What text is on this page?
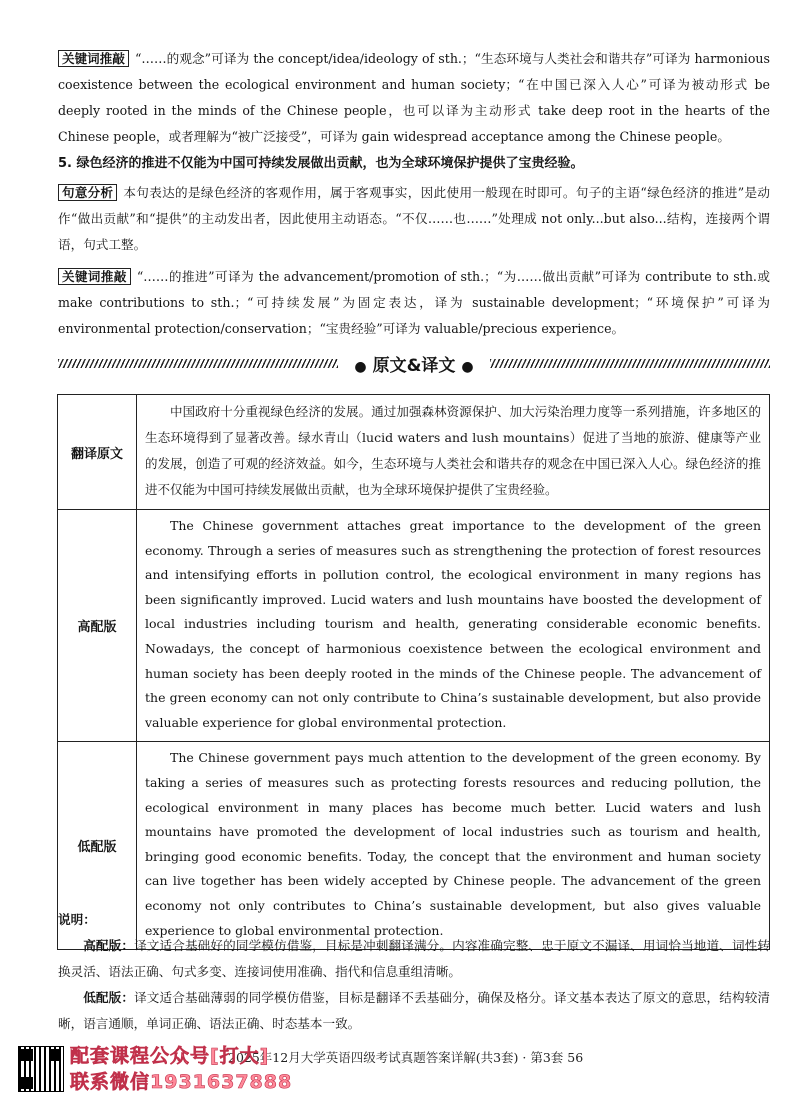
关键词推敲 “……的观念”可译为 the concept/idea/ideology of sth.；“生态环境与人类社会和谐共存”可译为 harmonious coexistence between the ecological environment and human society；“在中国已深入人心”可译为被动形式 be deeply rooted in the minds of the Chinese people，也可以译为主动形式 take deep root in the hearts of the Chinese people，或者理解为“被广泛接受”，可译为 gain widespread acceptance among the Chinese people。

5. 绿色经济的推进不仅能为中国可持续发展做出贡献，也为全球环境保护提供了宝贵经验。

句意分析 本句表达的是绿色经济的客观作用，属于客观事实，因此使用一般现在时即可。句子的主语“绿色经济的推进”是动作“做出贡献”和“提供”的主动发出者，因此使用主动语态。“不仅……也……”处理成 not only...but also...结构，连接两个谓语，句式工整。

关键词推敲 “……的推进”可译为 the advancement/promotion of sth.；“为……做出贡献”可译为 contribute to sth.或 make contributions to sth.；“可持续发展”为固定表达，译为 sustainable development；“环境保护”可译为 environmental protection/conservation；“宝贵经验”可译为 valuable/precious experience。

● 原文&译文 ●
翻译原文	中国政府十分重视绿色经济的发展。通过加强森林资源保护、加大污染治理力度等一系列措施，许多地区的生态环境得到了显著改善。绿水青山（lucid waters and lush mountains）促进了当地的旅游、健康等产业的发展，创造了可观的经济效益。如今，生态环境与人类社会和谐共存的观念在中国已深入人心。绿色经济的推进不仅能为中国可持续发展做出贡献，也为全球环境保护提供了宝贵经验。
高配版	The Chinese government attaches great importance to the development of the green economy. Through a series of measures such as strengthening the protection of forest resources and intensifying efforts in pollution control, the ecological environment in many regions has been significantly improved. Lucid waters and lush mountains have boosted the development of local industries including tourism and health, generating considerable economic benefits. Nowadays, the concept of harmonious coexistence between the ecological environment and human society has been deeply rooted in the minds of the Chinese people. The advancement of the green economy can not only contribute to China’s sustainable development, but also provide valuable experience for global environmental protection.
低配版	The Chinese government pays much attention to the development of the green economy. By taking a series of measures such as protecting forests resources and reducing pollution, the ecological environment in many places has become much better. Lucid waters and lush mountains have promoted the development of local industries such as tourism and health, bringing good economic benefits. Today, the concept that the environment and human society can live together has been widely accepted by Chinese people. The advancement of the green economy not only contributes to China’s sustainable development, but also gives valuable experience to global environmental protection.

说明：

高配版：译文适合基础好的同学模仿借鉴，目标是冲刺翻译满分。内容准确完整、忠于原文不漏译、用词恰当地道、词性转换灵活、语法正确、句式多变、连接词使用准确、指代和信息重组清晰。

低配版：译文适合基础薄弱的同学模仿借鉴，目标是翻译不丢基础分，确保及格分。译文基本表达了原文的意思，结构较清晰，语言通顺，单词正确、语法正确、时态基本一致。

2025年12月大学英语四级考试真题答案详解(共3套) · 第3套 56
配套课程公众号[打大]
联系微信1931637888
